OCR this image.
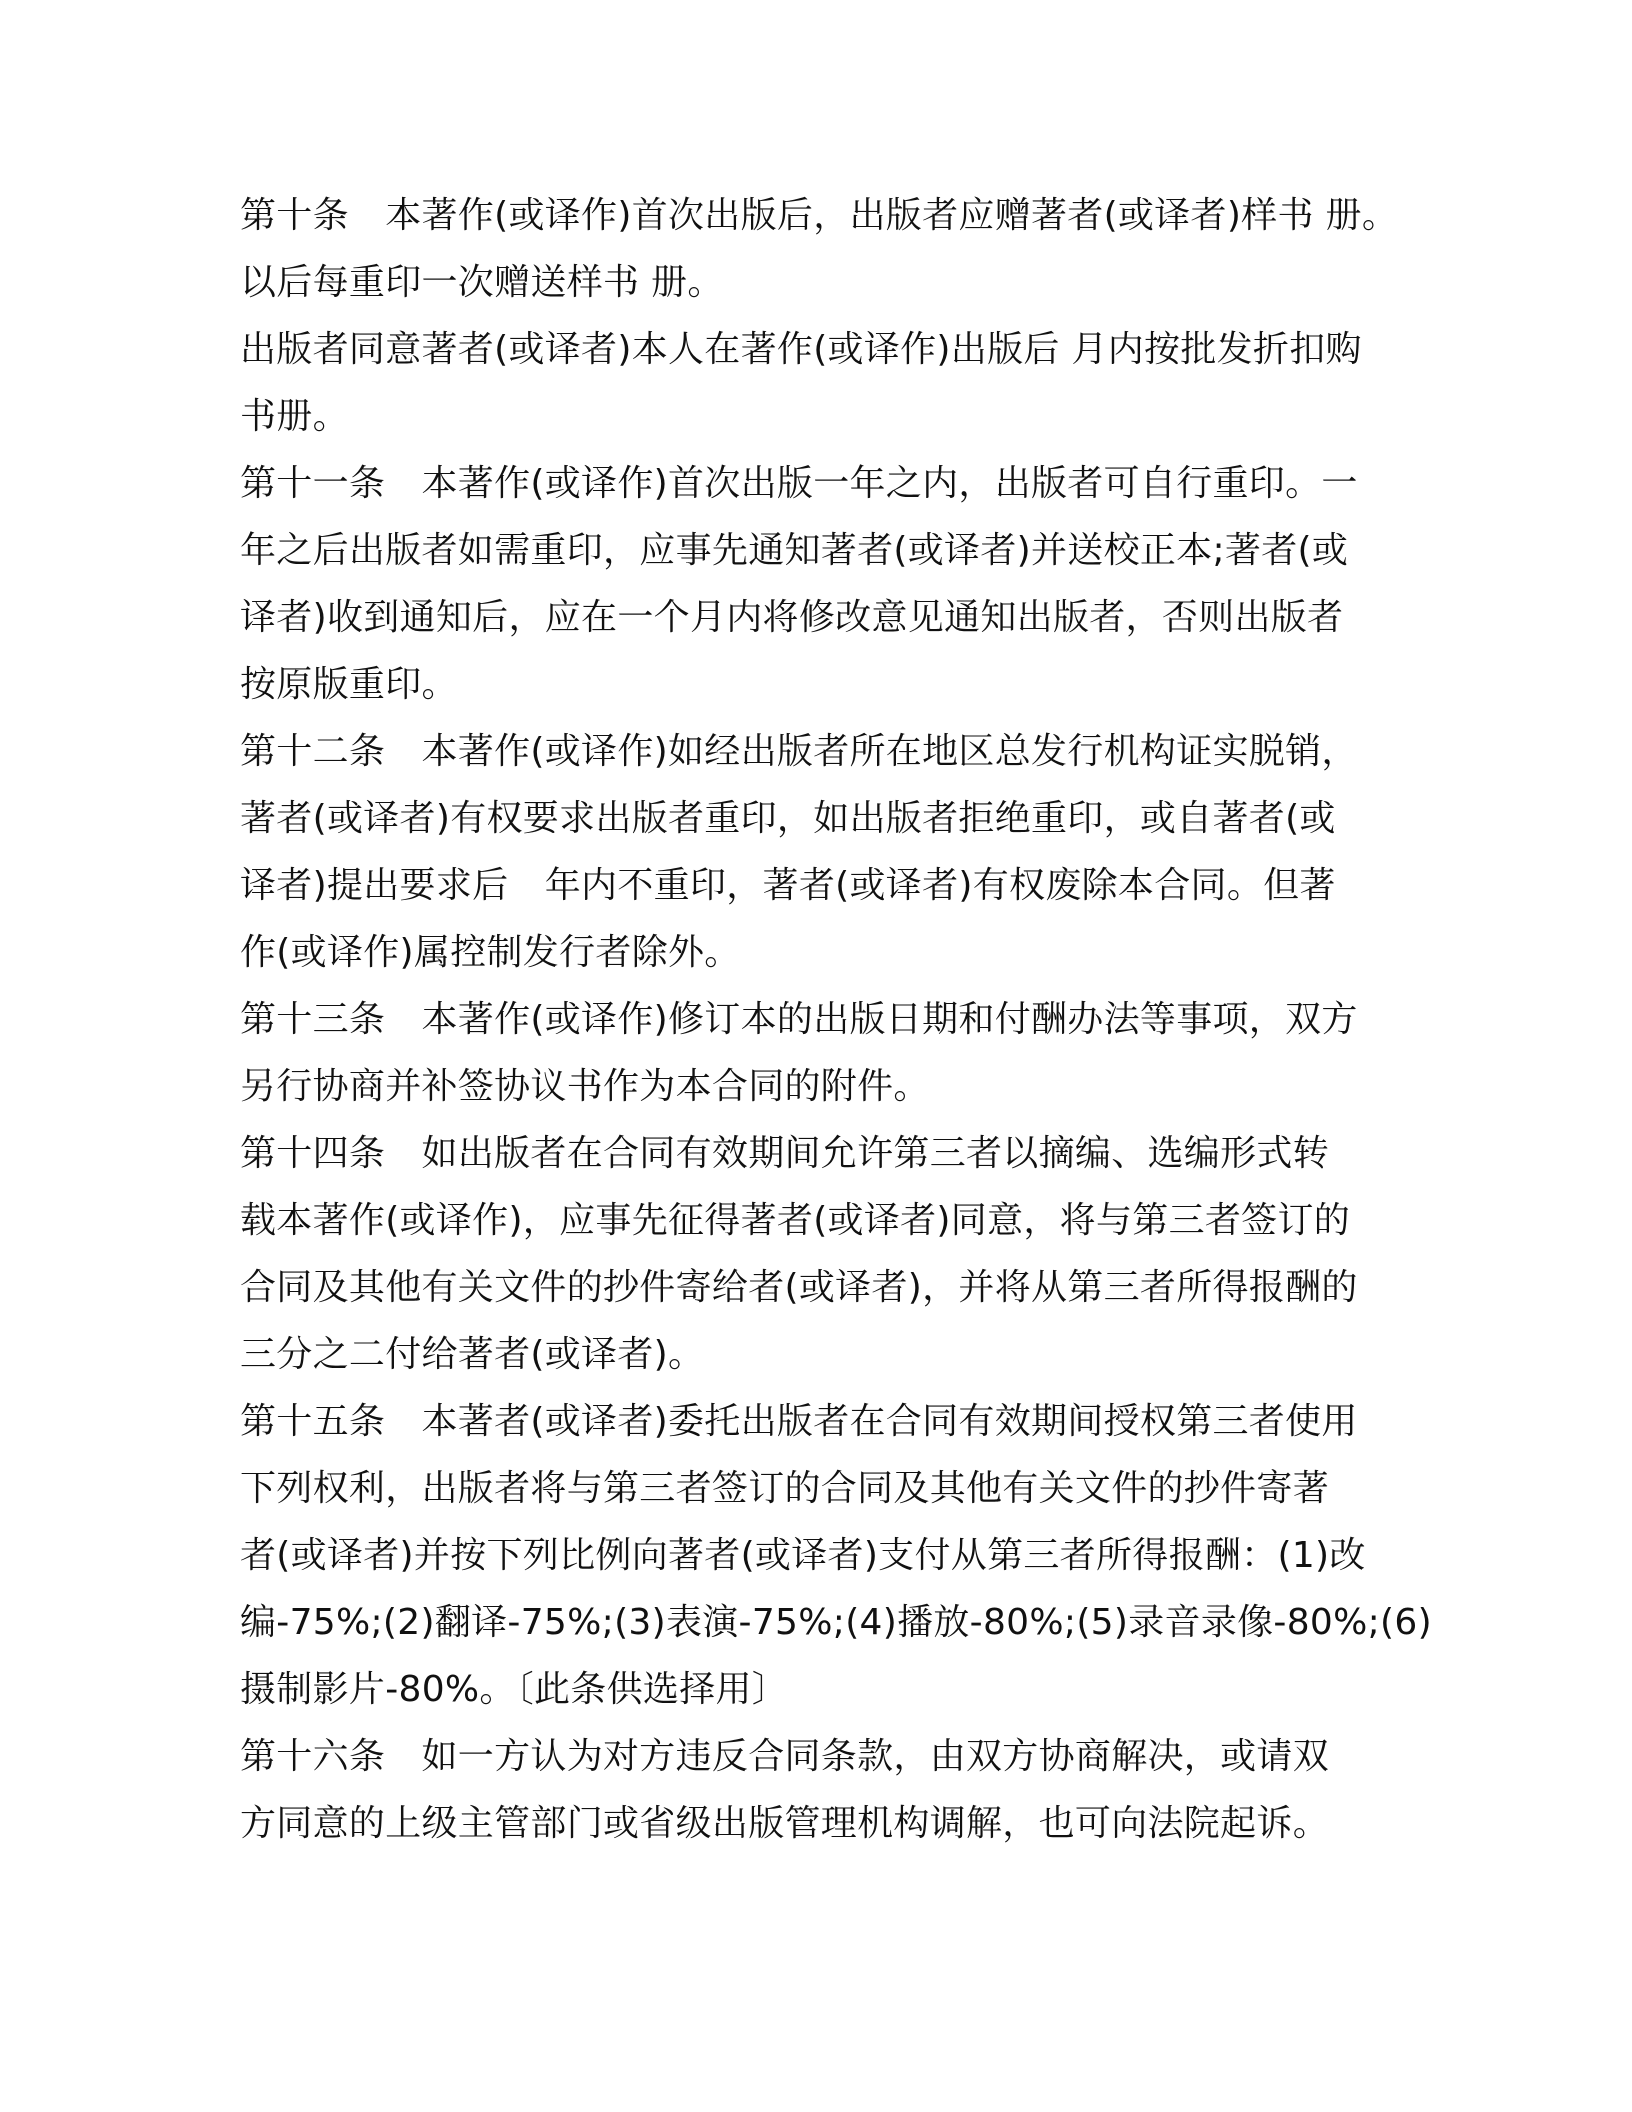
第十条　本著作(或译作)首次出版后，出版者应赠著者(或译者)样书 册。
以后每重印一次赠送样书 册。
出版者同意著者(或译者)本人在著作(或译作)出版后 月内按批发折扣购
书册。
第十一条　本著作(或译作)首次出版一年之内，出版者可自行重印。一
年之后出版者如需重印，应事先通知著者(或译者)并送校正本;著者(或
译者)收到通知后，应在一个月内将修改意见通知出版者，否则出版者
按原版重印。
第十二条　本著作(或译作)如经出版者所在地区总发行机构证实脱销，
著者(或译者)有权要求出版者重印，如出版者拒绝重印，或自著者(或
译者)提出要求后　年内不重印，著者(或译者)有权废除本合同。但著
作(或译作)属控制发行者除外。
第十三条　本著作(或译作)修订本的出版日期和付酬办法等事项，双方
另行协商并补签协议书作为本合同的附件。
第十四条　如出版者在合同有效期间允许第三者以摘编、选编形式转
载本著作(或译作)，应事先征得著者(或译者)同意，将与第三者签订的
合同及其他有关文件的抄件寄给者(或译者)，并将从第三者所得报酬的
三分之二付给著者(或译者)。
第十五条　本著者(或译者)委托出版者在合同有效期间授权第三者使用
下列权利，出版者将与第三者签订的合同及其他有关文件的抄件寄著
者(或译者)并按下列比例向著者(或译者)支付从第三者所得报酬：(1)改
编-75%;(2)翻译-75%;(3)表演-75%;(4)播放-80%;(5)录音录像-80%;(6)
摄制影片-80%。〔此条供选择用〕
第十六条　如一方认为对方违反合同条款，由双方协商解决，或请双
方同意的上级主管部门或省级出版管理机构调解，也可向法院起诉。
